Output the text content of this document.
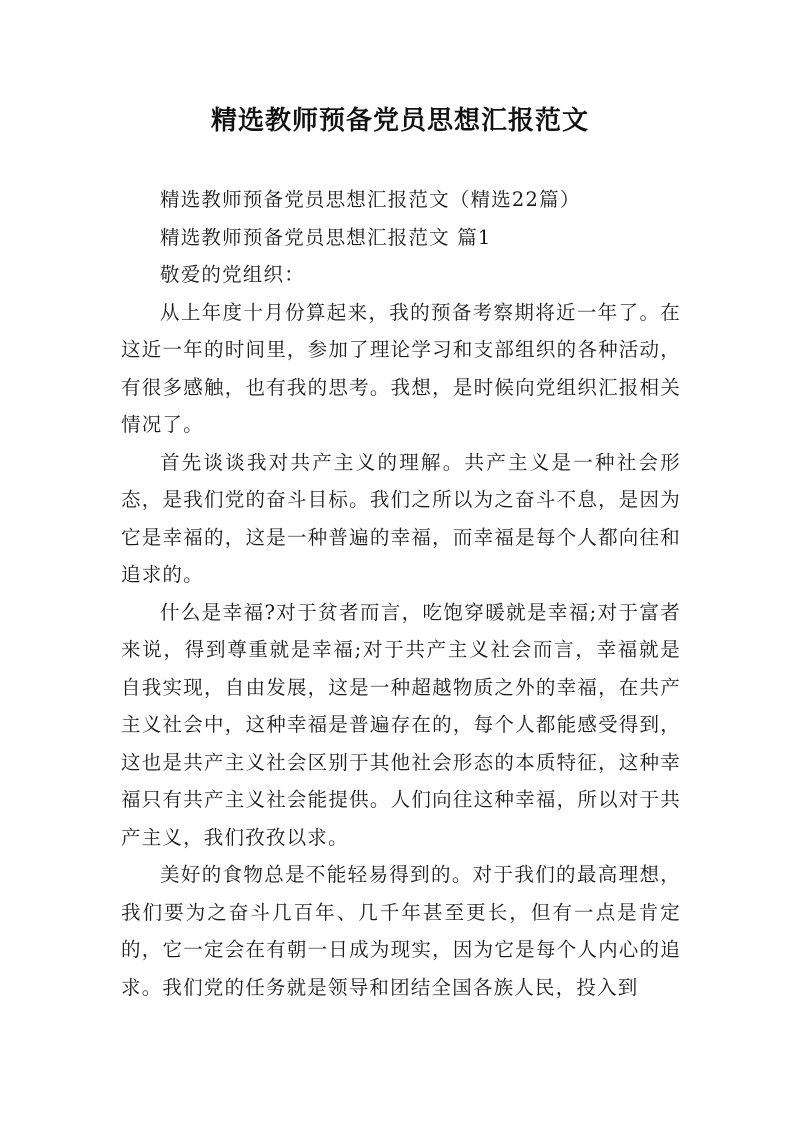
精选教师预备党员思想汇报范文

精选教师预备党员思想汇报范文（精选22篇）

精选教师预备党员思想汇报范文 篇1

敬爱的党组织：

从上年度十月份算起来，我的预备考察期将近一年了。在这近一年的时间里，参加了理论学习和支部组织的各种活动，有很多感触，也有我的思考。我想，是时候向党组织汇报相关情况了。

首先谈谈我对共产主义的理解。共产主义是一种社会形态，是我们党的奋斗目标。我们之所以为之奋斗不息，是因为它是幸福的，这是一种普遍的幸福，而幸福是每个人都向往和追求的。

什么是幸福?对于贫者而言，吃饱穿暖就是幸福;对于富者来说，得到尊重就是幸福;对于共产主义社会而言，幸福就是自我实现，自由发展，这是一种超越物质之外的幸福，在共产主义社会中，这种幸福是普遍存在的，每个人都能感受得到，这也是共产主义社会区别于其他社会形态的本质特征，这种幸福只有共产主义社会能提供。人们向往这种幸福，所以对于共产主义，我们孜孜以求。

美好的食物总是不能轻易得到的。对于我们的最高理想，我们要为之奋斗几百年、几千年甚至更长，但有一点是肯定的，它一定会在有朝一日成为现实，因为它是每个人内心的追求。我们党的任务就是领导和团结全国各族人民，投入到
